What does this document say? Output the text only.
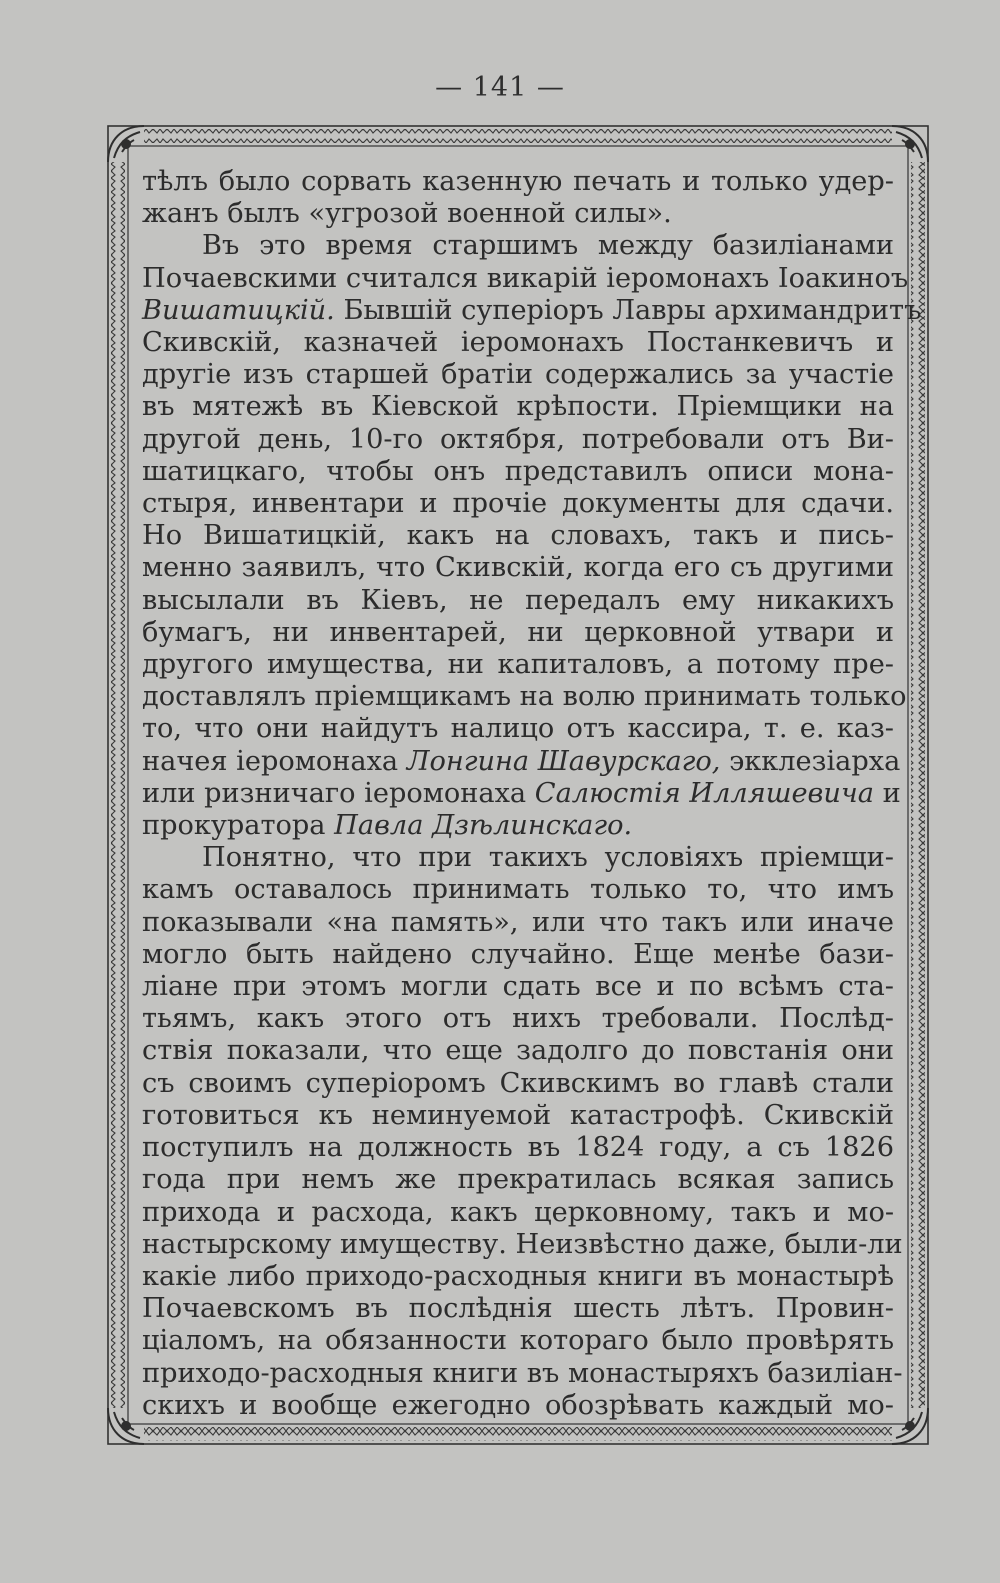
— 141 —
тѣлъ было сорвать казенную печать и только удер-
жанъ былъ «угрозой военной силы».
Въ это время старшимъ между базиліанами
Почаевскими считался викарій іеромонахъ Іоакиноъ
Вишатицкій. Бывшій суперіоръ Лавры архимандритъ
Скивскій, казначей іеромонахъ Постанкевичъ и
другіе изъ старшей братіи содержались за участіе
въ мятежѣ въ Кіевской крѣпости. Пріемщики на
другой день, 10-го октября, потребовали отъ Ви-
шатицкаго, чтобы онъ представилъ описи мона-
стыря, инвентари и прочіе документы для сдачи.
Но Вишатицкій, какъ на словахъ, такъ и пись-
менно заявилъ, что Скивскій, когда его съ другими
высылали въ Кіевъ, не передалъ ему никакихъ
бумагъ, ни инвентарей, ни церковной утвари и
другого имущества, ни капиталовъ, а потому пре-
доставлялъ пріемщикамъ на волю принимать только
то, что они найдутъ налицо отъ кассира, т. е. каз-
начея іеромонаха Лонгина Шавурскаго, экклезіарха
или ризничаго іеромонаха Салюстія Илляшевича и
прокуратора Павла Дзѣлинскаго.
Понятно, что при такихъ условіяхъ пріемщи-
камъ оставалось принимать только то, что имъ
показывали «на память», или что такъ или иначе
могло быть найдено случайно. Еще менѣе бази-
ліане при этомъ могли сдать все и по всѣмъ ста-
тьямъ, какъ этого отъ нихъ требовали. Послѣд-
ствія показали, что еще задолго до повстанія они
съ своимъ суперіоромъ Скивскимъ во главѣ стали
готовиться къ неминуемой катастрофѣ. Скивскій
поступилъ на должность въ 1824 году, а съ 1826
года при немъ же прекратилась всякая запись
прихода и расхода, какъ церковному, такъ и мо-
настырскому имуществу. Неизвѣстно даже, были-ли
какіе либо приходо-расходныя книги въ монастырѣ
Почаевскомъ въ послѣднія шесть лѣтъ. Провин-
ціаломъ, на обязанности котораго было провѣрять
приходо-расходныя книги въ монастыряхъ базиліан-
скихъ и вообще ежегодно обозрѣвать каждый мо-
